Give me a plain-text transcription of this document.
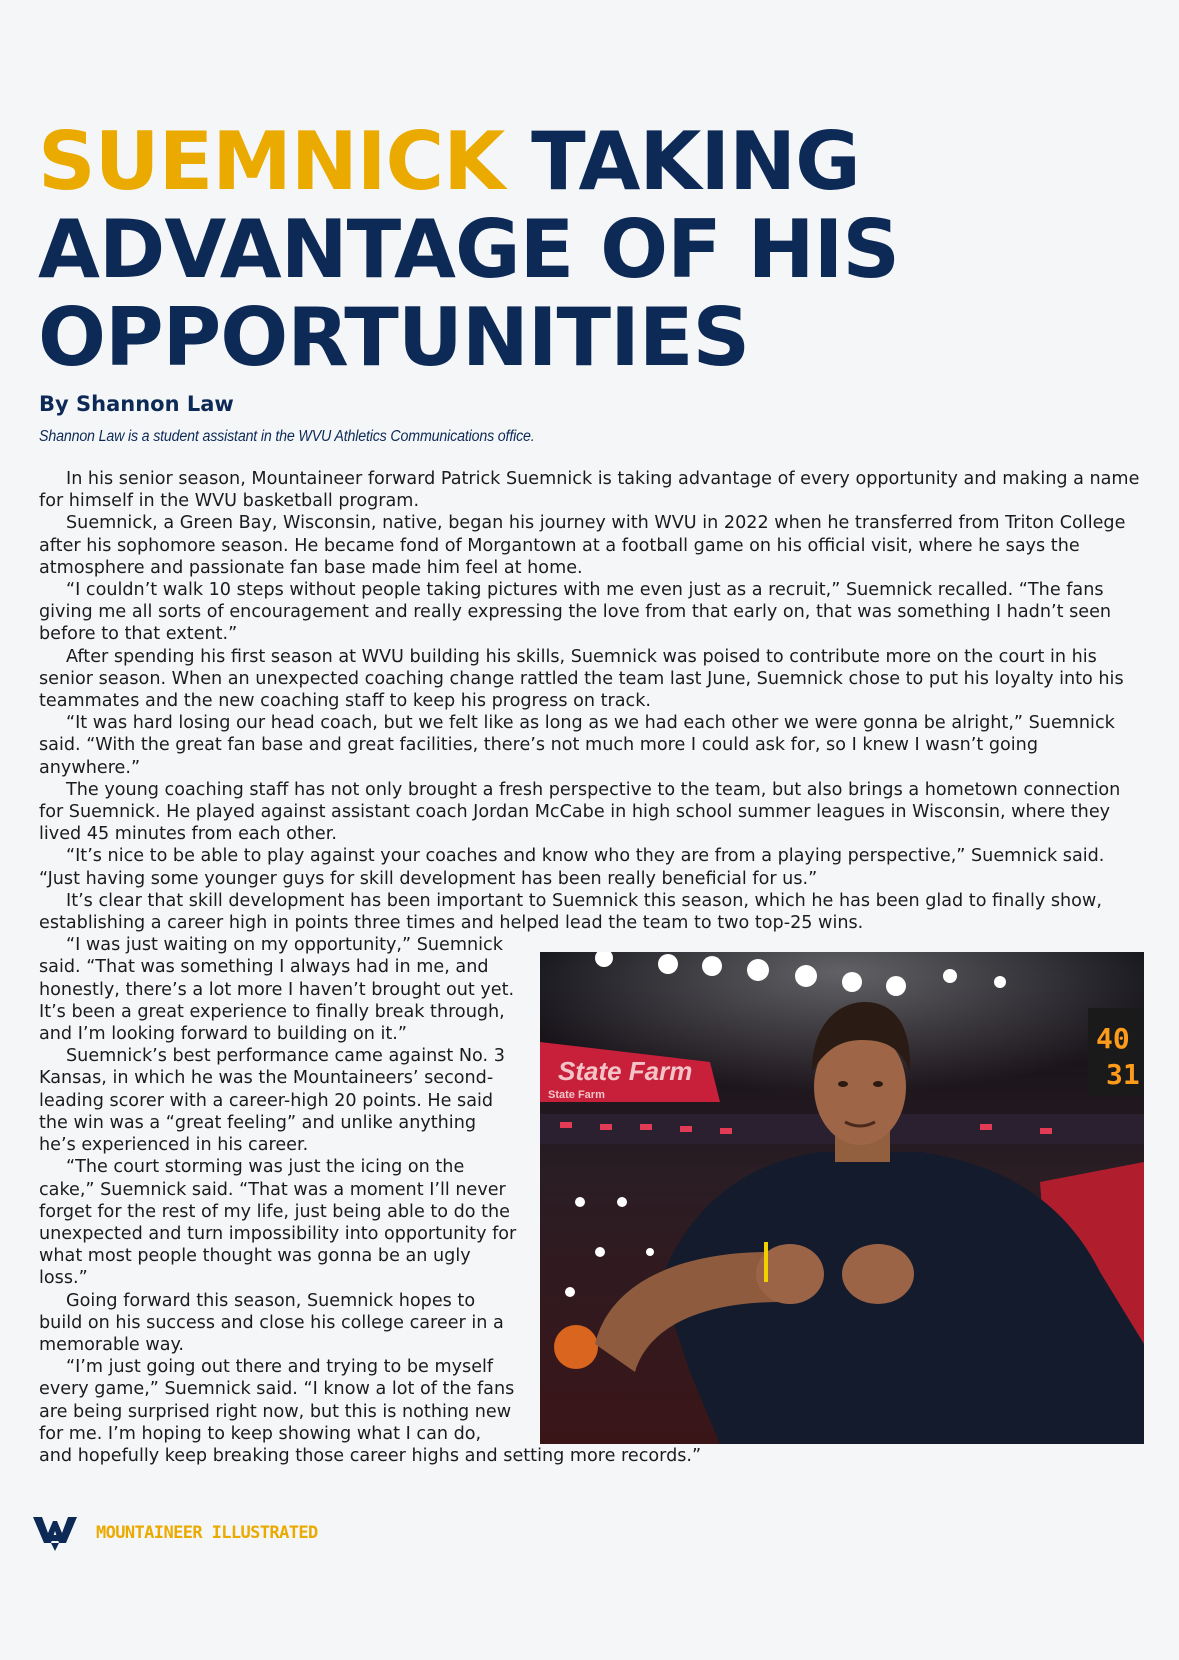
SUEMNICK TAKING ADVANTAGE OF HIS OPPORTUNITIES
By Shannon Law
Shannon Law is a student assistant in the WVU Athletics Communications office.

In his senior season, Mountaineer forward Patrick Suemnick is taking advantage of every opportunity and making a name for himself in the WVU basketball program.

Suemnick, a Green Bay, Wisconsin, native, began his journey with WVU in 2022 when he transferred from Triton College after his sophomore season. He became fond of Morgantown at a football game on his official visit, where he says the atmosphere and passionate fan base made him feel at home.

“I couldn’t walk 10 steps without people taking pictures with me even just as a recruit,” Suemnick recalled. “The fans giving me all sorts of encouragement and really expressing the love from that early on, that was something I hadn’t seen before to that extent.”

After spending his first season at WVU building his skills, Suemnick was poised to contribute more on the court in his senior season. When an unexpected coaching change rattled the team last June, Suemnick chose to put his loyalty into his teammates and the new coaching staff to keep his progress on track.

“It was hard losing our head coach, but we felt like as long as we had each other we were gonna be alright,” Suemnick said. “With the great fan base and great facilities, there’s not much more I could ask for, so I knew I wasn’t going anywhere.”

The young coaching staff has not only brought a fresh perspective to the team, but also brings a hometown connection for Suemnick. He played against assistant coach Jordan McCabe in high school summer leagues in Wisconsin, where they lived 45 minutes from each other.

“It’s nice to be able to play against your coaches and know who they are from a playing perspective,” Suemnick said. “Just having some younger guys for skill development has been really beneficial for us.”

It’s clear that skill development has been important to Suemnick this season, which he has been glad to finally show, establishing a career high in points three times and helped lead the team to two top-25 wins.

State Farm
State Farm
40
31

“I was just waiting on my opportunity,” Suemnick said. “That was something I always had in me, and honestly, there’s a lot more I haven’t brought out yet. It’s been a great experience to finally break through, and I’m looking forward to building on it.”

Suemnick’s best performance came against No. 3 Kansas, in which he was the Mountaineers’ second-leading scorer with a career-high 20 points. He said the win was a “great feeling” and unlike anything he’s experienced in his career.

“The court storming was just the icing on the cake,” Suemnick said. “That was a moment I’ll never forget for the rest of my life, just being able to do the unexpected and turn impossibility into opportunity for what most people thought was gonna be an ugly loss.”

Going forward this season, Suemnick hopes to build on his success and close his college career in a memorable way.

“I’m just going out there and trying to be myself every game,” Suemnick said. “I know a lot of the fans are being surprised right now, but this is nothing new for me. I’m hoping to keep showing what I can do, and hopefully keep breaking those career highs and setting more records.”

MOUNTAINEER ILLUSTRATED
